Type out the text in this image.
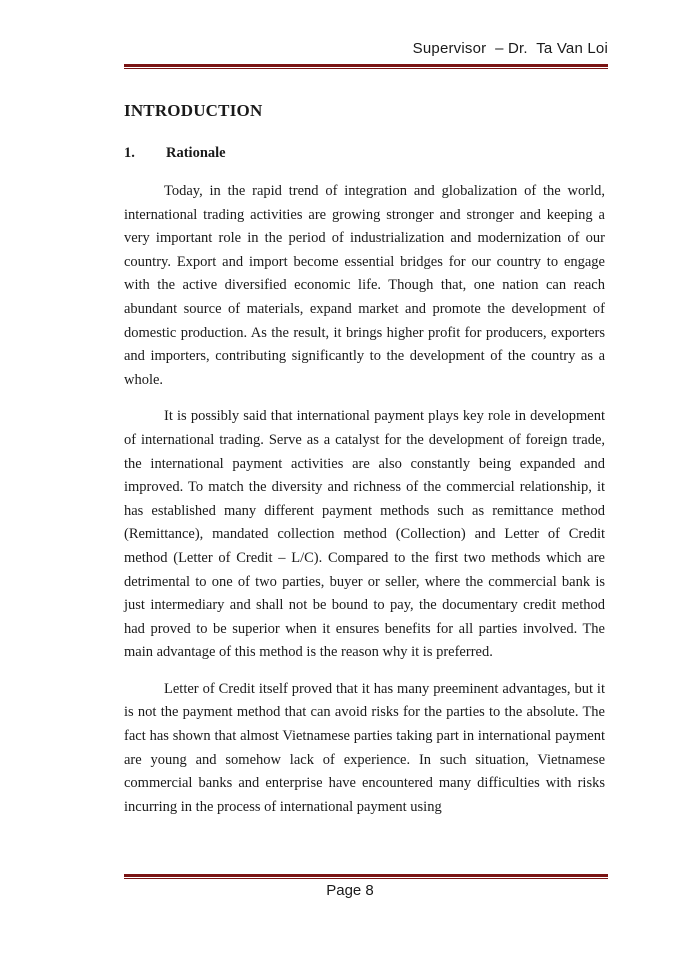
Supervisor  – Dr.  Ta Van Loi
INTRODUCTION
1. Rationale

Today, in the rapid trend of integration and globalization of the world, international trading activities are growing stronger and stronger and keeping a very important role in the period of industrialization and modernization of our country. Export and import become essential bridges for our country to engage with the active diversified economic life. Though that, one nation can reach abundant source of materials, expand market and promote the development of domestic production. As the result, it brings higher profit for producers, exporters and importers, contributing significantly to the development of the country as a whole.

It is possibly said that international payment plays key role in development of international trading. Serve as a catalyst for the development of foreign trade, the international payment activities are also constantly being expanded and improved. To match the diversity and richness of the commercial relationship, it has established many different payment methods such as remittance method (Remittance), mandated collection method (Collection) and Letter of Credit method (Letter of Credit – L/C). Compared to the first two methods which are detrimental to one of two parties, buyer or seller, where the commercial bank is just intermediary and shall not be bound to pay, the documentary credit method had proved to be superior when it ensures benefits for all parties involved. The main advantage of this method is the reason why it is preferred.

Letter of Credit itself proved that it has many preeminent advantages, but it is not the payment method that can avoid risks for the parties to the absolute. The fact has shown that almost Vietnamese parties taking part in international payment are young and somehow lack of experience. In such situation, Vietnamese commercial banks and enterprise have encountered many difficulties with risks incurring in the process of international payment using

Page 8
